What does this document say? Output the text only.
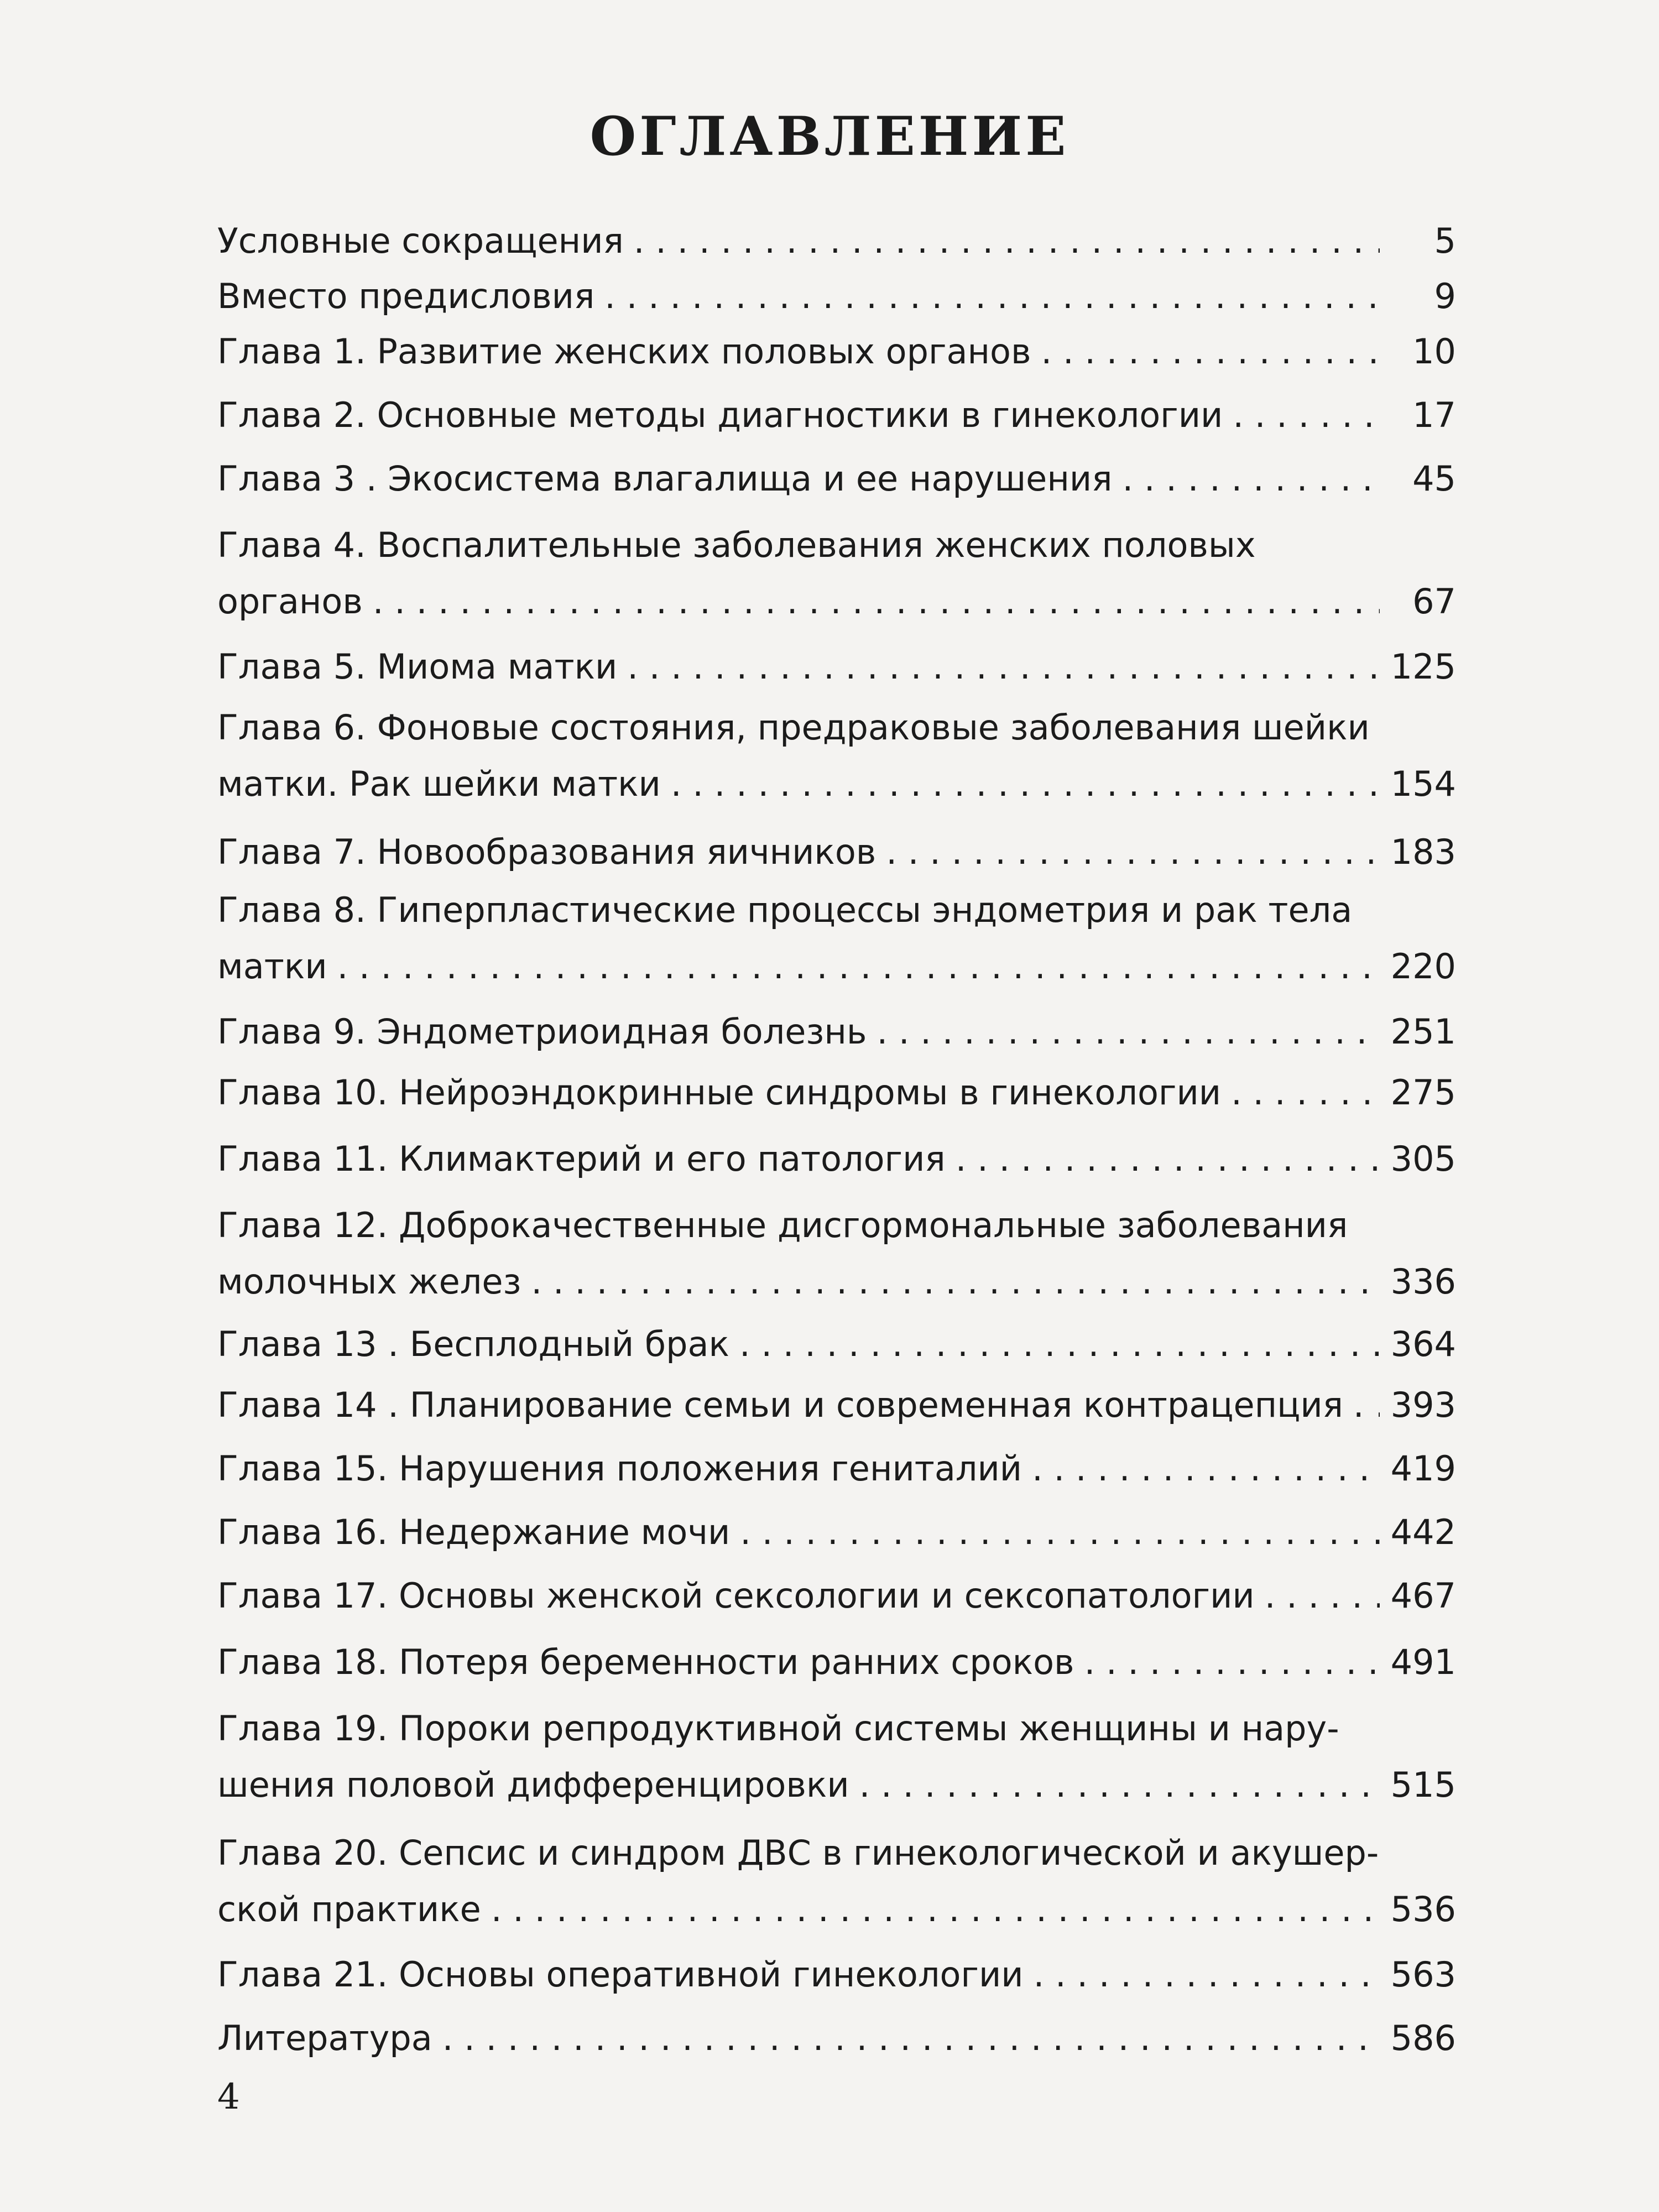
ОГЛАВЛЕНИЕ
Условные сокращения . . .	5
Вместо предисловия . . .	9
Глава 1. Развитие женских половых органов . . .	10
Глава 2. Основные методы диагностики в гинекологии . . .	17
Глава 3 . Экосистема влагалища и ее нарушения . . .	45
Глава 4. Воспалительные заболевания женских половых
органов . . .	67
Глава 5. Миома матки . . .	125
Глава 6. Фоновые состояния, предраковые заболевания шейки
матки. Рак шейки матки . . .	154
Глава 7. Новообразования яичников . . .	183
Глава 8. Гиперпластические процессы эндометрия и рак тела
матки . . .	220
Глава 9. Эндометриоидная болезнь . . .	251
Глава 10. Нейроэндокринные синдромы в гинекологии . . .	275
Глава 11. Климактерий и его патология . . .	305
Глава 12. Доброкачественные дисгормональные заболевания
молочных желез . . .	336
Глава 13 . Бесплодный брак . . .	364
Глава 14 . Планирование семьи и современная контрацепция . . . 393
Глава 15. Нарушения положения гениталий . . .	419
Глава 16. Недержание мочи . . .	442
Глава 17. Основы женской сексологии и сексопатологии . . .	467
Глава 18. Потеря беременности ранних сроков . . .	491
Глава 19. Пороки репродуктивной системы женщины и нару-
шения половой дифференцировки . . .	515
Глава 20. Сепсис и синдром ДВС в гинекологической и акушер-
ской практике . . .	536
Глава 21. Основы оперативной гинекологии . . .	563
Литература . . .	586
4
